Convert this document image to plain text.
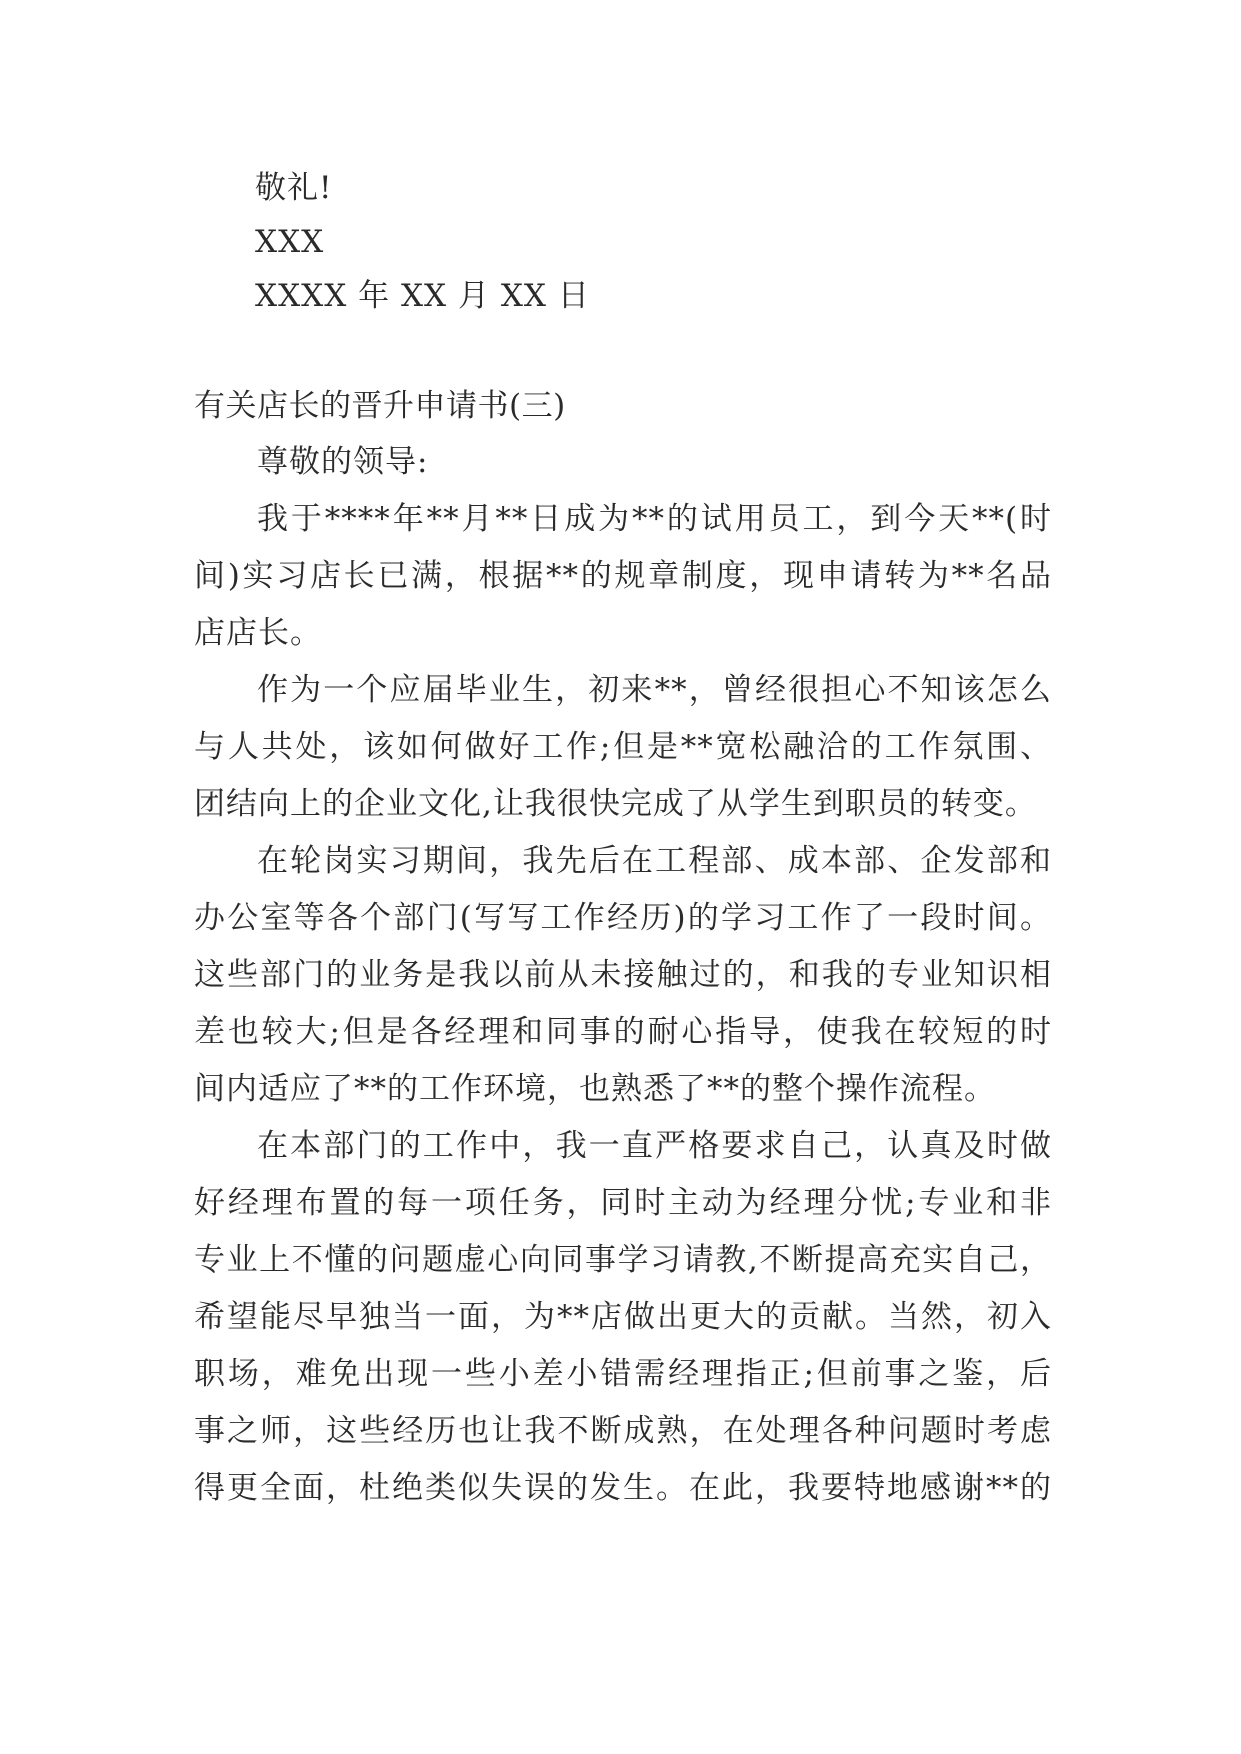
敬礼!
XXX
XXXX 年 XX 月 XX 日
有关店长的晋升申请书(三)
尊敬的领导:
我于****年**月**日成为**的试用员工，到今天**(时
间)实习店长已满，根据**的规章制度，现申请转为**名品
店店长。
作为一个应届毕业生，初来**，曾经很担心不知该怎么
与人共处，该如何做好工作;但是**宽松融洽的工作氛围、
团结向上的企业文化,让我很快完成了从学生到职员的转变。
在轮岗实习期间，我先后在工程部、成本部、企发部和
办公室等各个部门(写写工作经历)的学习工作了一段时间。
这些部门的业务是我以前从未接触过的，和我的专业知识相
差也较大;但是各经理和同事的耐心指导，使我在较短的时
间内适应了**的工作环境，也熟悉了**的整个操作流程。
在本部门的工作中，我一直严格要求自己，认真及时做
好经理布置的每一项任务，同时主动为经理分忧;专业和非
专业上不懂的问题虚心向同事学习请教,不断提高充实自己，
希望能尽早独当一面，为**店做出更大的贡献。当然，初入
职场，难免出现一些小差小错需经理指正;但前事之鉴，后
事之师，这些经历也让我不断成熟，在处理各种问题时考虑
得更全面，杜绝类似失误的发生。在此，我要特地感谢**的
